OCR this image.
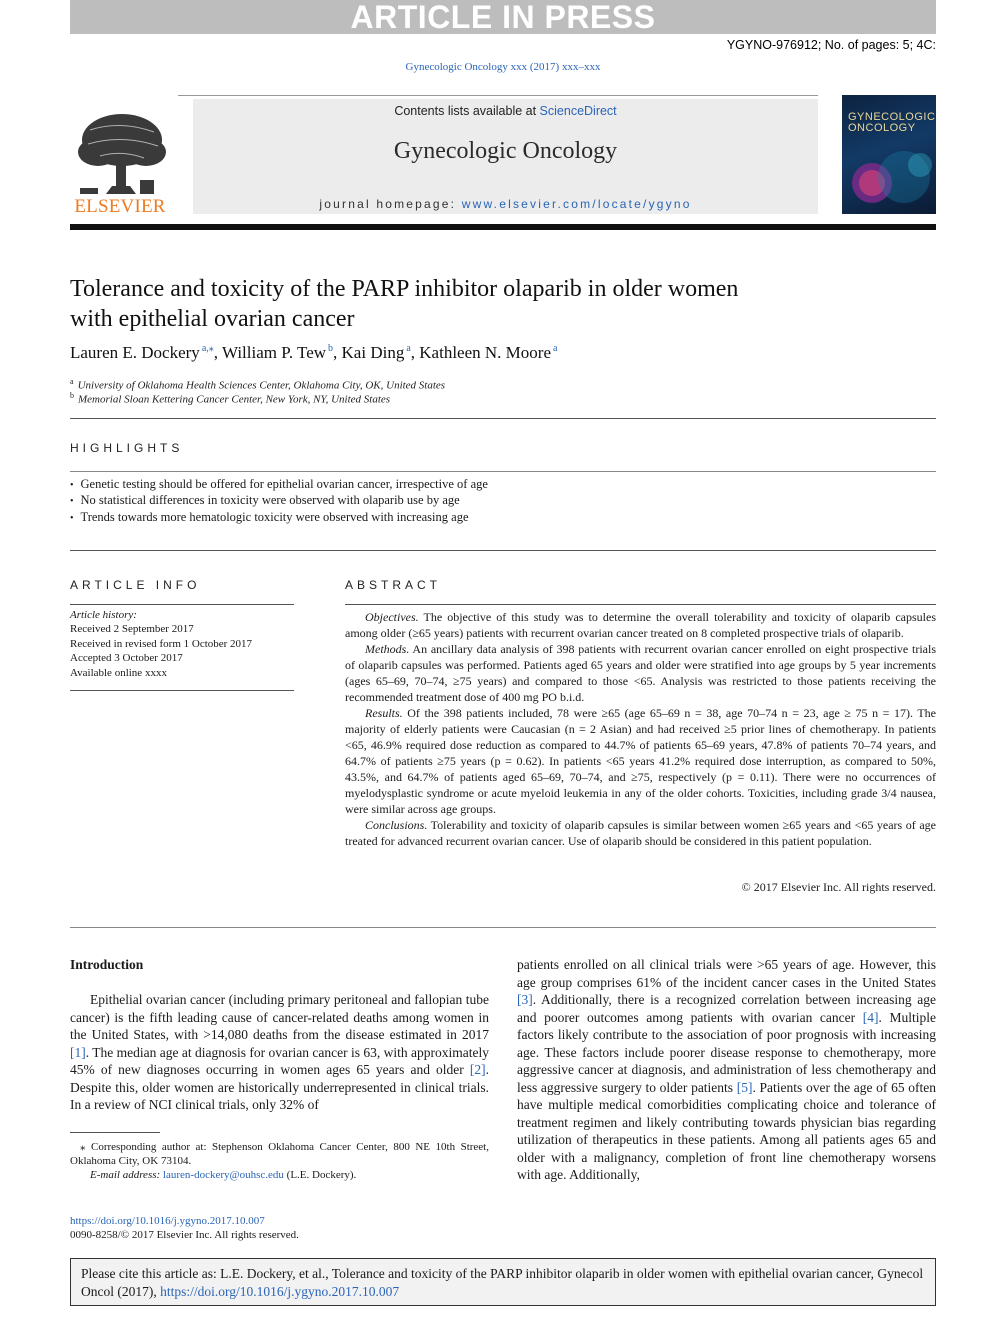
ARTICLE IN PRESS
YGYNO-976912; No. of pages: 5; 4C:
Gynecologic Oncology xxx (2017) xxx–xxx
ELSEVIER
Contents lists available at ScienceDirect
Gynecologic Oncology
journal homepage: www.elsevier.com/locate/ygyno
GYNECOLOGIC
ONCOLOGY
Tolerance and toxicity of the PARP inhibitor olaparib in older women
with epithelial ovarian cancer
Lauren E. Dockery $^{a,⁎}$, William P. Tew $^b$, Kai Ding $^a$, Kathleen N. Moore $^a$
$^a$ University of Oklahoma Health Sciences Center, Oklahoma City, OK, United States
$^b$ Memorial Sloan Kettering Cancer Center, New York, NY, United States
HIGHLIGHTS
• Genetic testing should be offered for epithelial ovarian cancer, irrespective of age
• No statistical differences in toxicity were observed with olaparib use by age
• Trends towards more hematologic toxicity were observed with increasing age
ARTICLE INFO
Article history:
Received 2 September 2017
Received in revised form 1 October 2017
Accepted 3 October 2017
Available online xxxx
ABSTRACT

Objectives. The objective of this study was to determine the overall tolerability and toxicity of olaparib capsules among older (≥65 years) patients with recurrent ovarian cancer treated on 8 completed prospective trials of olaparib.

Methods. An ancillary data analysis of 398 patients with recurrent ovarian cancer enrolled on eight prospective trials of olaparib capsules was performed. Patients aged 65 years and older were stratified into age groups by 5 year increments (ages 65–69, 70–74, ≥75 years) and compared to those <65. Analysis was restricted to those patients receiving the recommended treatment dose of 400 mg PO b.i.d.

Results. Of the 398 patients included, 78 were ≥65 (age 65–69 n = 38, age 70–74 n = 23, age ≥ 75 n = 17). The majority of elderly patients were Caucasian (n = 2 Asian) and had received ≥5 prior lines of chemotherapy. In patients <65, 46.9% required dose reduction as compared to 44.7% of patients 65–69 years, 47.8% of patients 70–74 years, and 64.7% of patients ≥75 years (p = 0.62). In patients <65 years 41.2% required dose interruption, as compared to 50%, 43.5%, and 64.7% of patients aged 65–69, 70–74, and ≥75, respectively (p = 0.11). There were no occurrences of myelodysplastic syndrome or acute myeloid leukemia in any of the older cohorts. Toxicities, including grade 3/4 nausea, were similar across age groups.

Conclusions. Tolerability and toxicity of olaparib capsules is similar between women ≥65 years and <65 years of age treated for advanced recurrent ovarian cancer. Use of olaparib should be considered in this patient population.

© 2017 Elsevier Inc. All rights reserved.
Introduction

Epithelial ovarian cancer (including primary peritoneal and fallopian tube cancer) is the fifth leading cause of cancer-related deaths among women in the United States, with >14,080 deaths from the disease estimated in 2017 [1]. The median age at diagnosis for ovarian cancer is 63, with approximately 45% of new diagnoses occurring in women ages 65 years and older [2]. Despite this, older women are historically underrepresented in clinical trials. In a review of NCI clinical trials, only 32% of

patients enrolled on all clinical trials were >65 years of age. However, this age group comprises 61% of the incident cancer cases in the United States [3]. Additionally, there is a recognized correlation between increasing age and poorer outcomes among patients with ovarian cancer [4]. Multiple factors likely contribute to the association of poor prognosis with increasing age. These factors include poorer disease response to chemotherapy, more aggressive cancer at diagnosis, and administration of less chemotherapy and less aggressive surgery to older patients [5]. Patients over the age of 65 often have multiple medical comorbidities complicating choice and tolerance of treatment regimen and likely contributing towards physician bias regarding utilization of therapeutics in these patients. Among all patients ages 65 and older with a malignancy, completion of front line chemotherapy worsens with age. Additionally,

⁎ Corresponding author at: Stephenson Oklahoma Cancer Center, 800 NE 10th Street, Oklahoma City, OK 73104.
E-mail address: lauren-dockery@ouhsc.edu (L.E. Dockery).
https://doi.org/10.1016/j.ygyno.2017.10.007
0090-8258/© 2017 Elsevier Inc. All rights reserved.
Please cite this article as: L.E. Dockery, et al., Tolerance and toxicity of the PARP inhibitor olaparib in older women with epithelial ovarian cancer, Gynecol Oncol (2017), https://doi.org/10.1016/j.ygyno.2017.10.007
